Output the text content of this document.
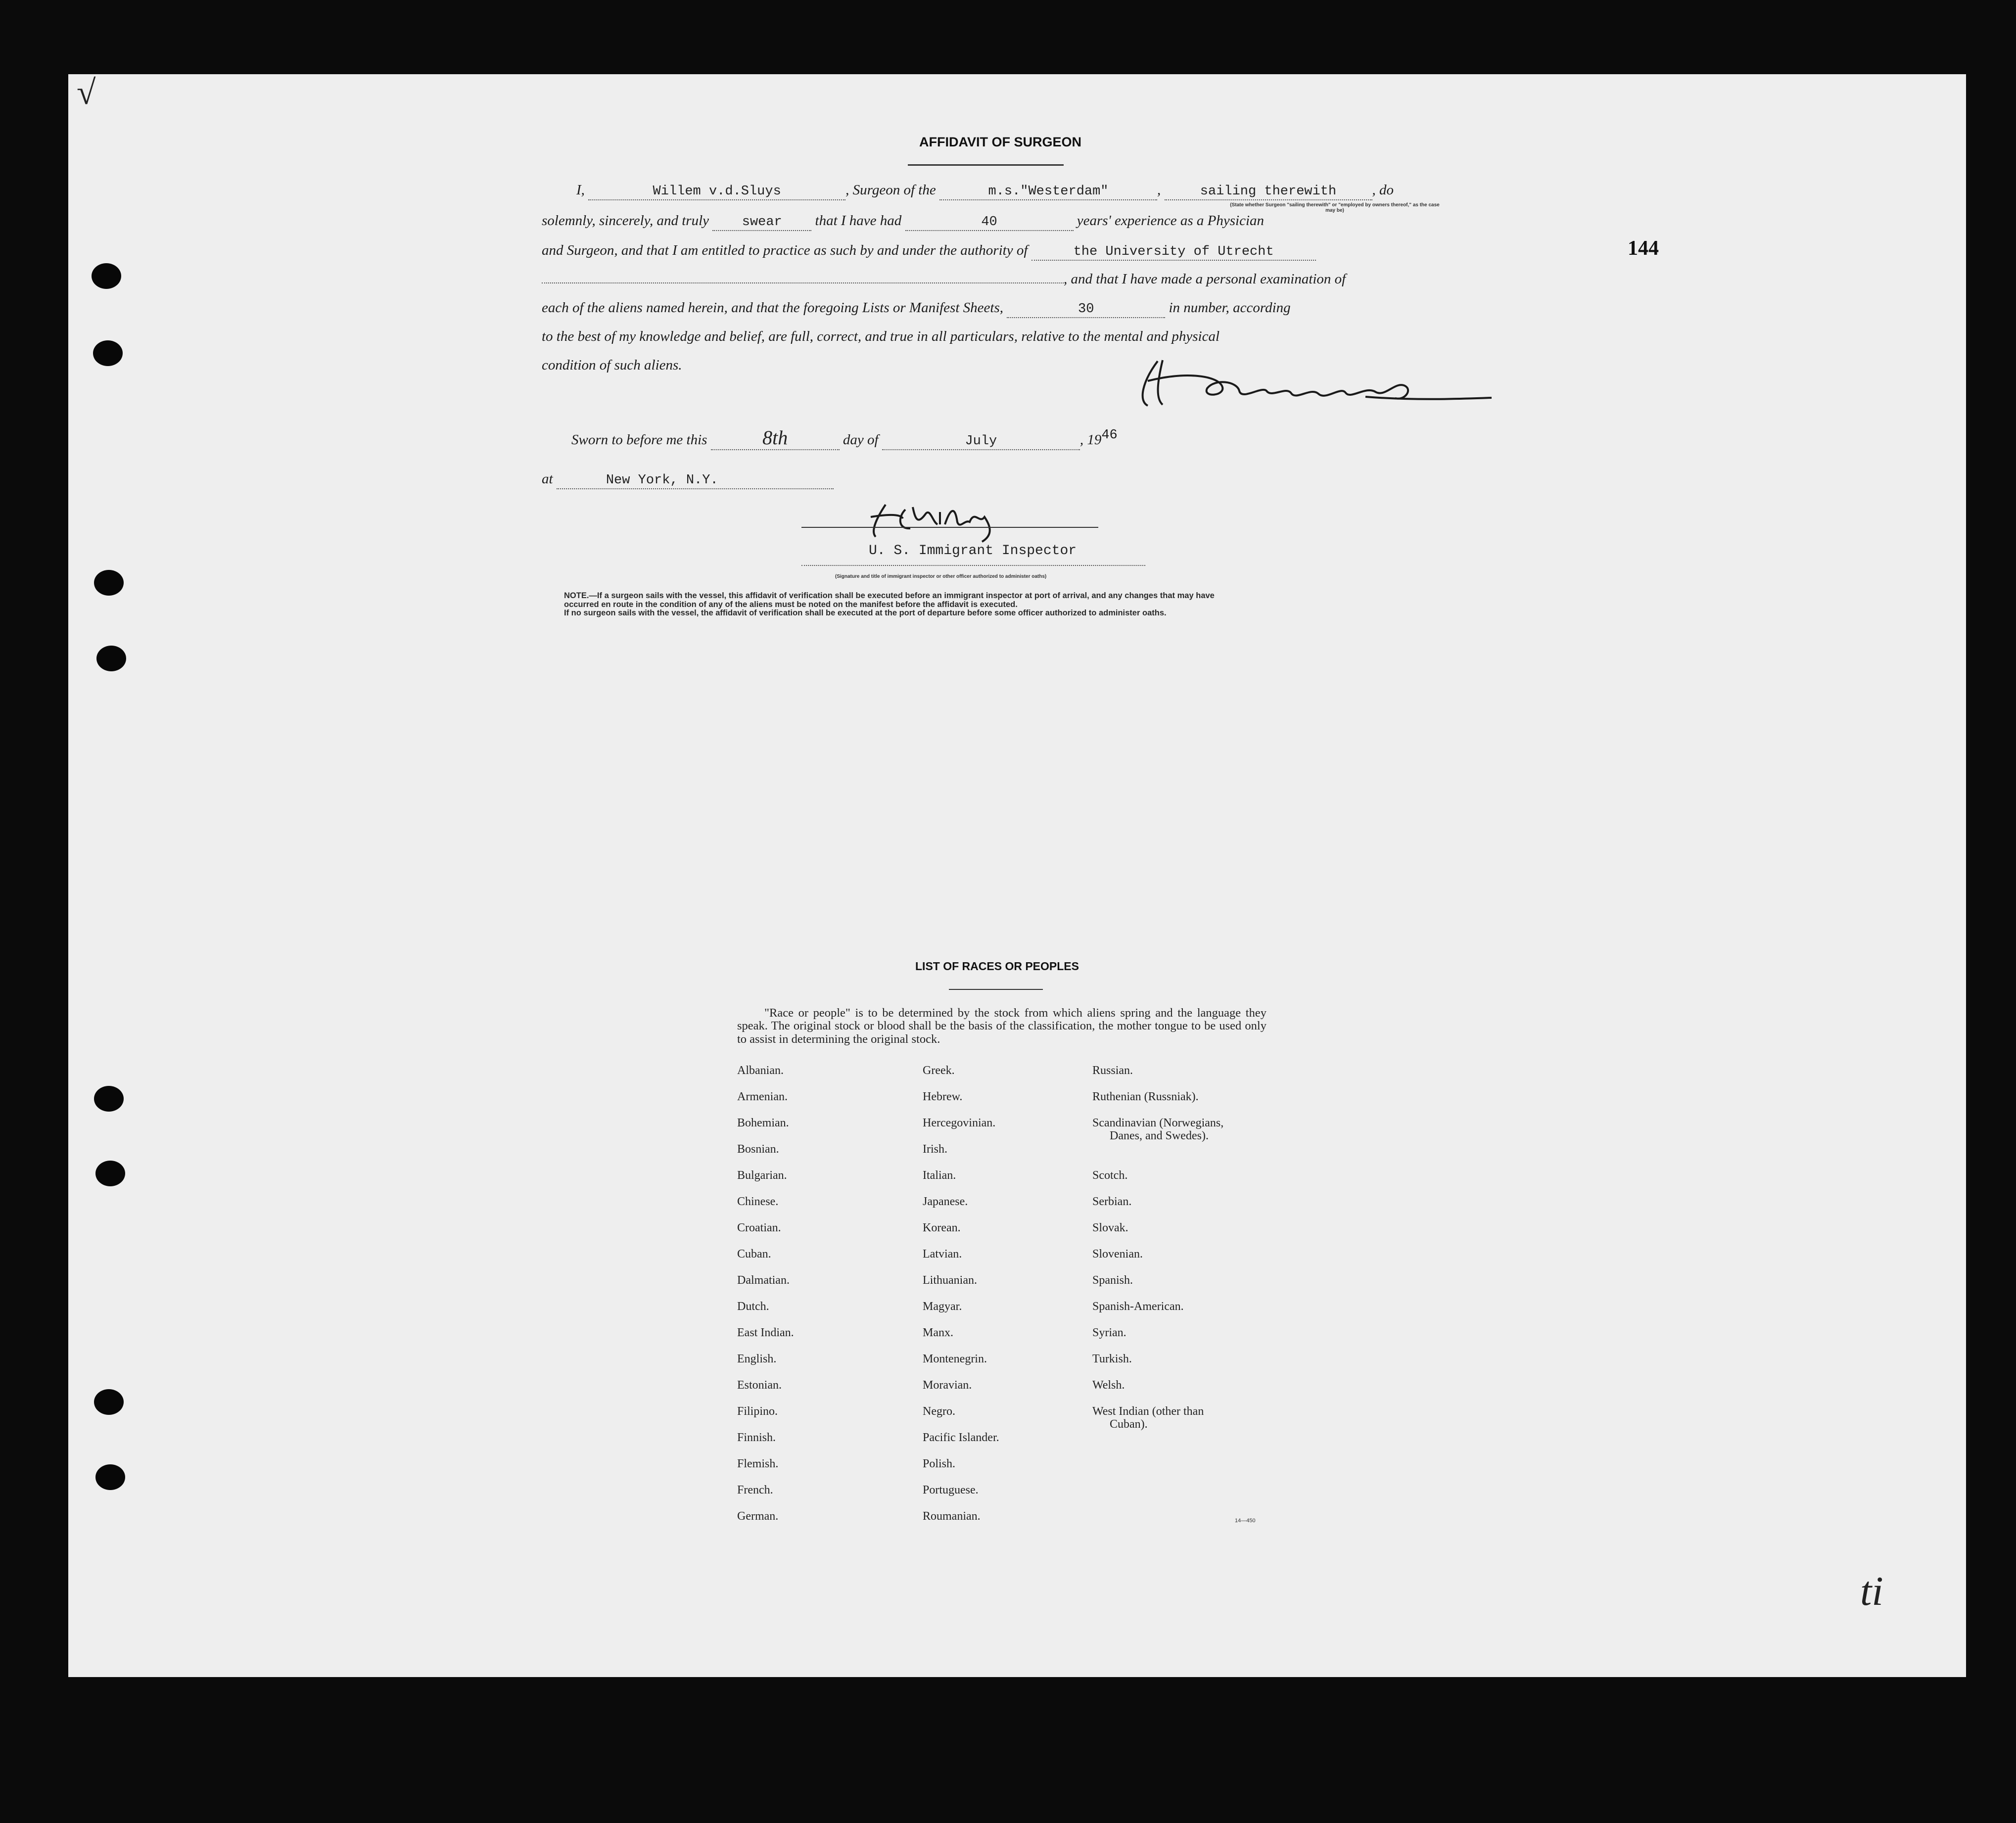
√
144
ti
AFFIDAVIT OF SURGEON
I,	Willem v.d.Sluys	, Surgeon of the	m.s."Westerdam"	,	sailing therewith , do
(State whether Surgeon "sailing therewith" or "employed by owners thereof," as the case may be)
solemnly, sincerely, and truly swear that I have had	40	years' experience as a Physician
and Surgeon, and that I am entitled to practice as such by and under the authority of	the University of Utrecht
, and that I have made a personal examination of
each of the aliens named herein, and that the foregoing Lists or Manifest Sheets,	30	in number, according
to the best of my knowledge and belief, are full, correct, and true in all particulars, relative to the mental and physical
condition of such aliens.
Sworn to before me this	8th	day of	July	, 1946
at	New York, N.Y.
U. S. Immigrant Inspector
(Signature and title of immigrant inspector or other officer authorized to administer oaths)

NOTE.—If a surgeon sails with the vessel, this affidavit of verification shall be executed before an immigrant inspector at port of arrival, and any changes that may have

occurred en route in the condition of any of the aliens must be noted on the manifest before the affidavit is executed.

If no surgeon sails with the vessel, the affidavit of verification shall be executed at the port of departure before some officer authorized to administer oaths.

LIST OF RACES OR PEOPLES

"Race or people" is to be determined by the stock from which aliens spring and the language they speak. The original stock or blood shall be the basis of the classification, the mother tongue to be used only to assist in determining the original stock.

Albanian.
Armenian.
Bohemian.
Bosnian.
Bulgarian.
Chinese.
Croatian.
Cuban.
Dalmatian.
Dutch.
East Indian.
English.
Estonian.
Filipino.
Finnish.
Flemish.
French.
German.
Greek.
Hebrew.
Hercegovinian.
Irish.
Italian.
Japanese.
Korean.
Latvian.
Lithuanian.
Magyar.
Manx.
Montenegrin.
Moravian.
Negro.
Pacific Islander.
Polish.
Portuguese.
Roumanian.
Russian.
Ruthenian (Russniak).
Scandinavian (Norwegians,
Danes, and Swedes).
Scotch.
Serbian.
Slovak.
Slovenian.
Spanish.
Spanish-American.
Syrian.
Turkish.
Welsh.
West Indian (other than
Cuban).
14—450
